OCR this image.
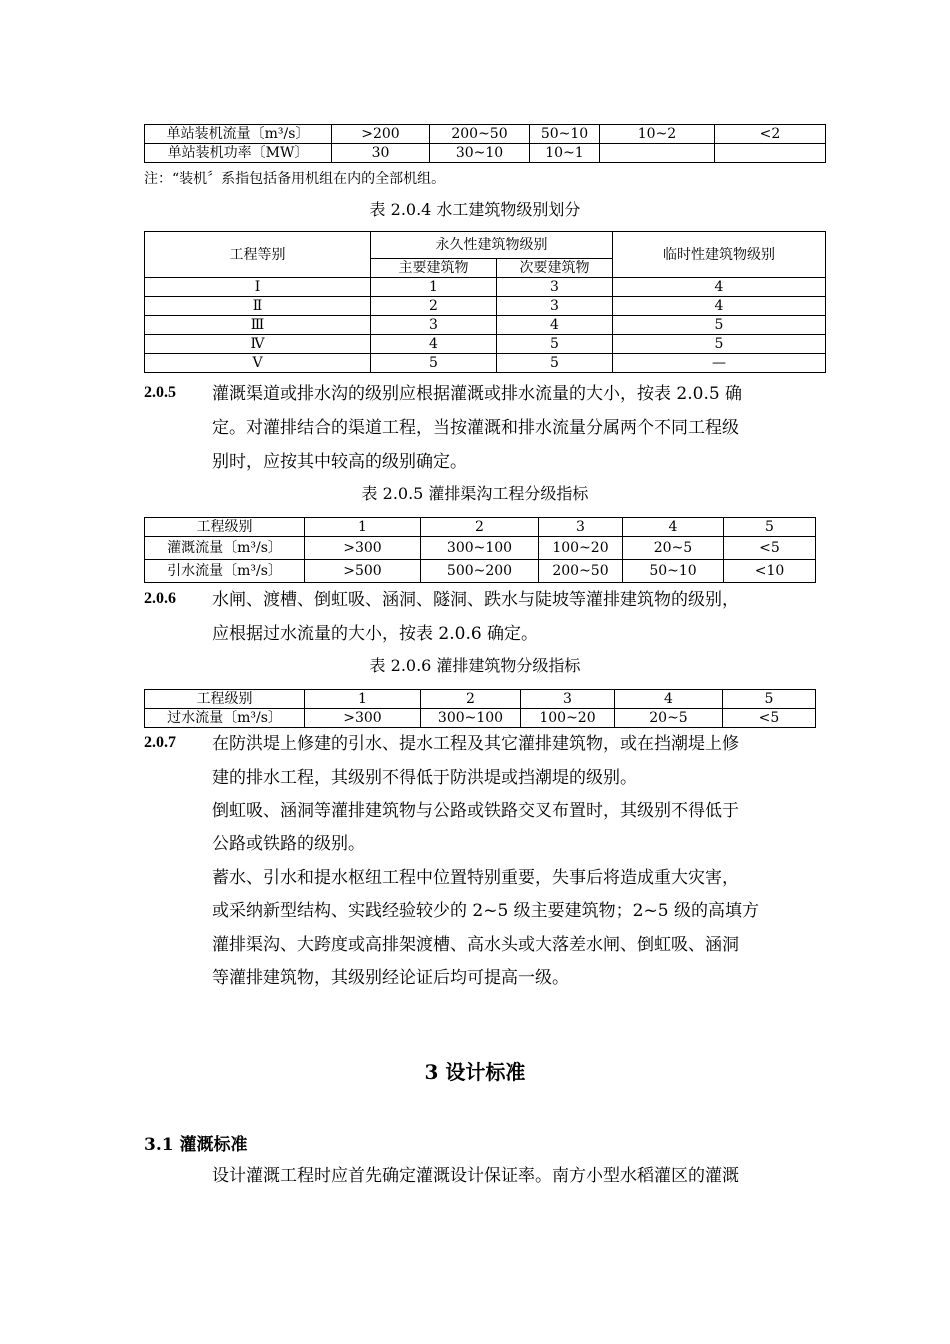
单站装机流量〔m³/s〕	>200	200~50	50~10	10~2	<2
单站装机功率〔MW〕	30	30~10	10~1		
注：“装机〞系指包括备用机组在内的全部机组。
表 2.0.4 水工建筑物级别划分
工程等别	永久性建筑物级别		临时性建筑物级别
	主要建筑物	次要建筑物	
Ⅰ	1	3	4
Ⅱ	2	3	4
Ⅲ	3	4	5
Ⅳ	4	5	5
Ⅴ	5	5	—
2.0.5 灌溉渠道或排水沟的级别应根据灌溉或排水流量的大小，按表 2.0.5 确
定。对灌排结合的渠道工程，当按灌溉和排水流量分属两个不同工程级
别时，应按其中较高的级别确定。
表 2.0.5 灌排渠沟工程分级指标
工程级别	1	2	3	4	5
灌溉流量〔m³/s〕	>300	300~100	100~20	20~5	<5
引水流量〔m³/s〕	>500	500~200	200~50	50~10	<10
2.0.6 水闸、渡槽、倒虹吸、涵洞、隧洞、跌水与陡坡等灌排建筑物的级别，
应根据过水流量的大小，按表 2.0.6 确定。
表 2.0.6 灌排建筑物分级指标
工程级别	1	2	3	4	5
过水流量〔m³/s〕	>300	300~100	100~20	20~5	<5
2.0.7 在防洪堤上修建的引水、提水工程及其它灌排建筑物，或在挡潮堤上修
建的排水工程，其级别不得低于防洪堤或挡潮堤的级别。
倒虹吸、涵洞等灌排建筑物与公路或铁路交叉布置时，其级别不得低于
公路或铁路的级别。
蓄水、引水和提水枢纽工程中位置特别重要，失事后将造成重大灾害，
或采纳新型结构、实践经验较少的 2~5 级主要建筑物；2~5 级的高填方
灌排渠沟、大跨度或高排架渡槽、高水头或大落差水闸、倒虹吸、涵洞
等灌排建筑物，其级别经论证后均可提高一级。
3 设计标准
3.1 灌溉标准
设计灌溉工程时应首先确定灌溉设计保证率。南方小型水稻灌区的灌溉
